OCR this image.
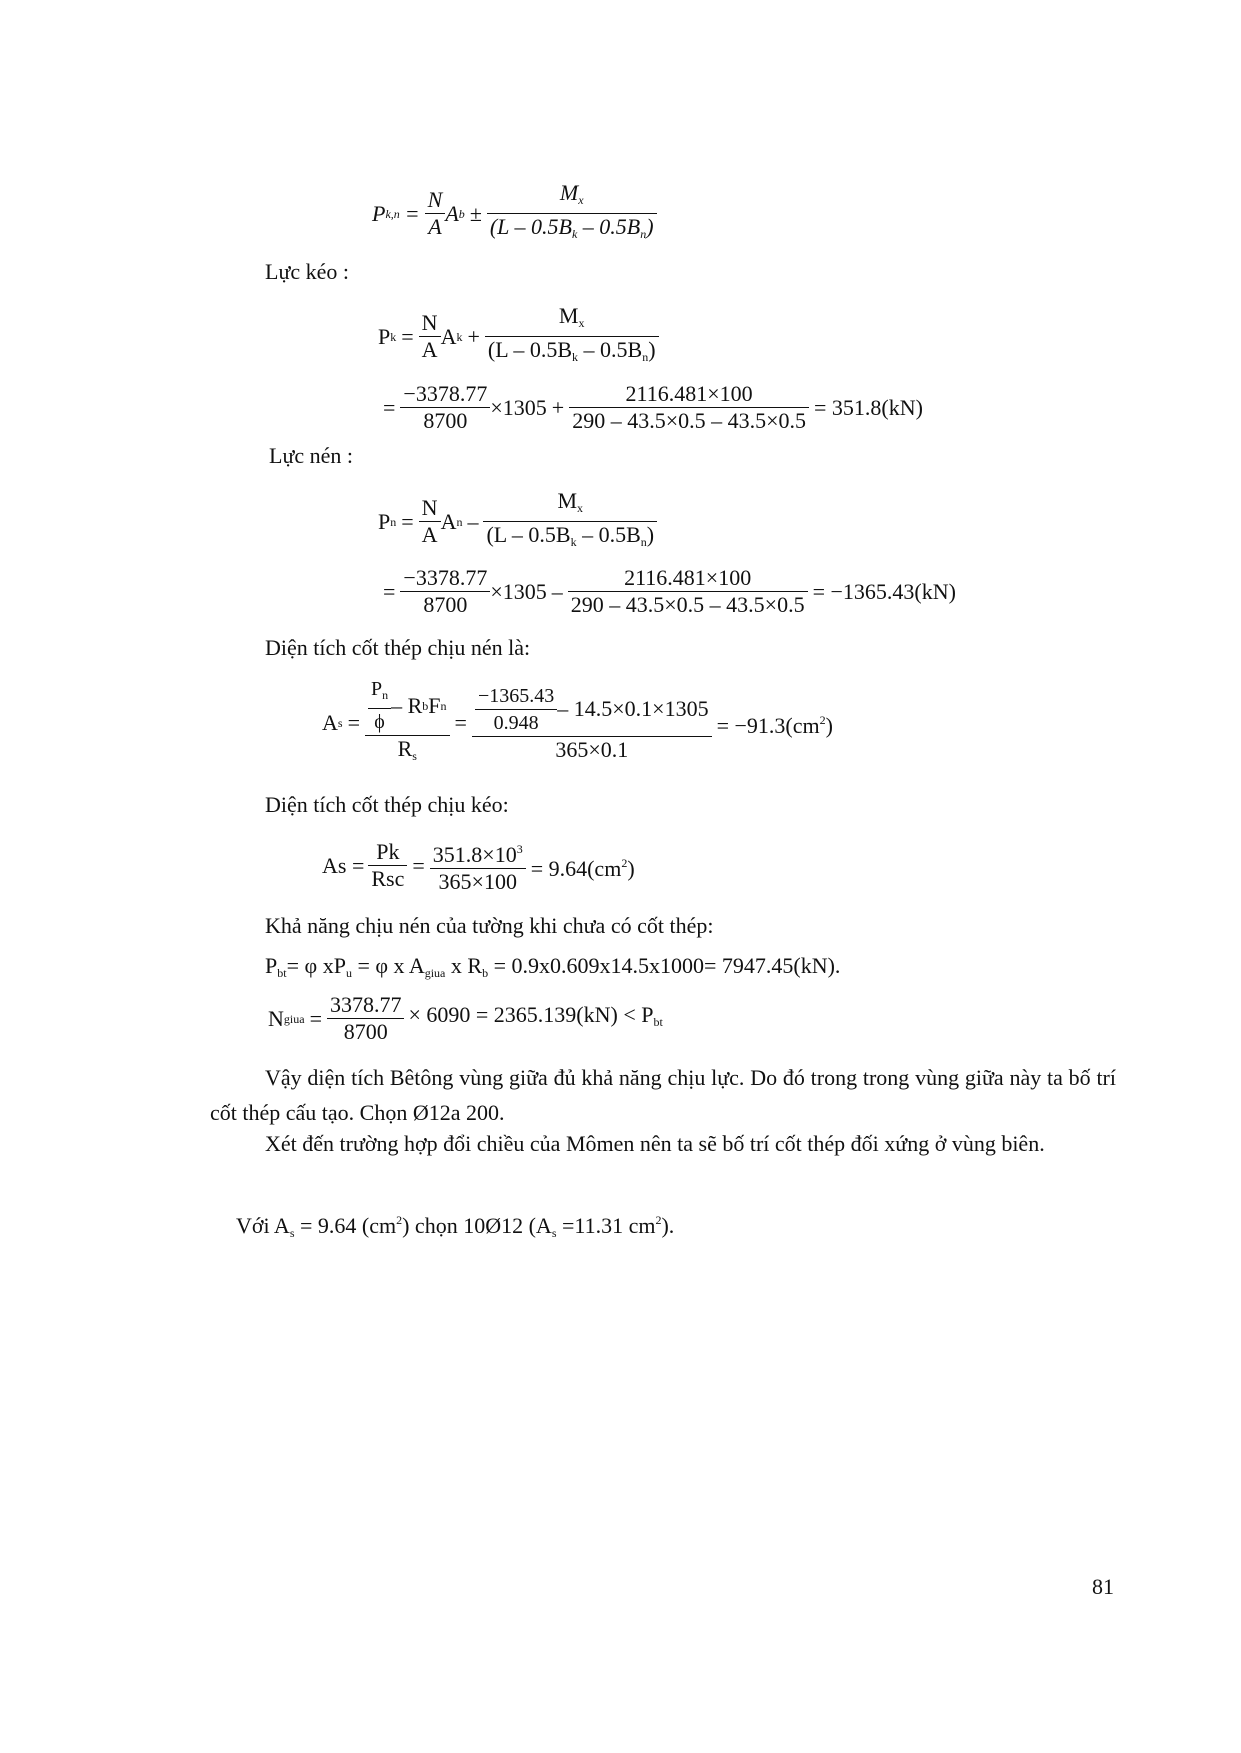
P $k,n = \frac{N}{A}$ A $b \pm \frac{M_x}{(L - 0.5B_k - 0.5B_n)}$
Lực kéo :
P $k = \frac{N}{A}$ A $k + \frac{M_x}{(L - 0.5B_k - 0.5B_n)}$
= $\frac{-3378.77}{8700} \times 1305 + \frac{2116.481\times 100}{290 - 43.5\times 0.5 - 43.5\times 0.5} = 351.8(kN)$
Lực nén :
P $n = \frac{N}{A}$ A n – $\frac{M_x}{(L - 0.5B_k - 0.5B_n)}$
= $\frac{-3378.77}{8700} \times 1305 - \frac{2116.481\times 100}{290 - 43.5\times 0.5 - 43.5\times 0.5} = -1365.43(kN)$
Diện tích cốt thép chịu nén là:
A $s = \frac{\frac{P_n}{\phi} - R b F n}{R_s} = \frac{\frac{-1365.43}{0.948} - 14.5\times 0.1\times 1305}{365\times 0.1} = -91.3(cm^2)$
Diện tích cốt thép chịu kéo:
$As = \frac{Pk}{\text{Rsc}} = \frac{351.8\times 10^3}{365\times 100} = 9.64(cm^2)$
Khả năng chịu nén của tường khi chưa có cốt thép:
$P_{bt}= \varphi$ $xP_u = \varphi$ x $A_{giua}$ x $R_b = 0.9x0.609x14.5x1000= 7947.45(kN)$.
N giua = $\frac{3378.77}{8700} \times 6090 = 2365.139(kN) < P_{bt}$
Vậy diện tích Bêtông vùng giữa đủ khả năng chịu lực. Do đó trong trong vùng giữa này ta bố trí cốt thép cấu tạo. Chọn Ø12a 200.
Xét đến trường hợp đổi chiều của Mômen nên ta sẽ bố trí cốt thép đối xứng ở vùng biên.
Với $A_s = 9.64$ $(cm^2)$ chọn 10Ø12 ($A_s =11.31$ $cm^2$).
81
